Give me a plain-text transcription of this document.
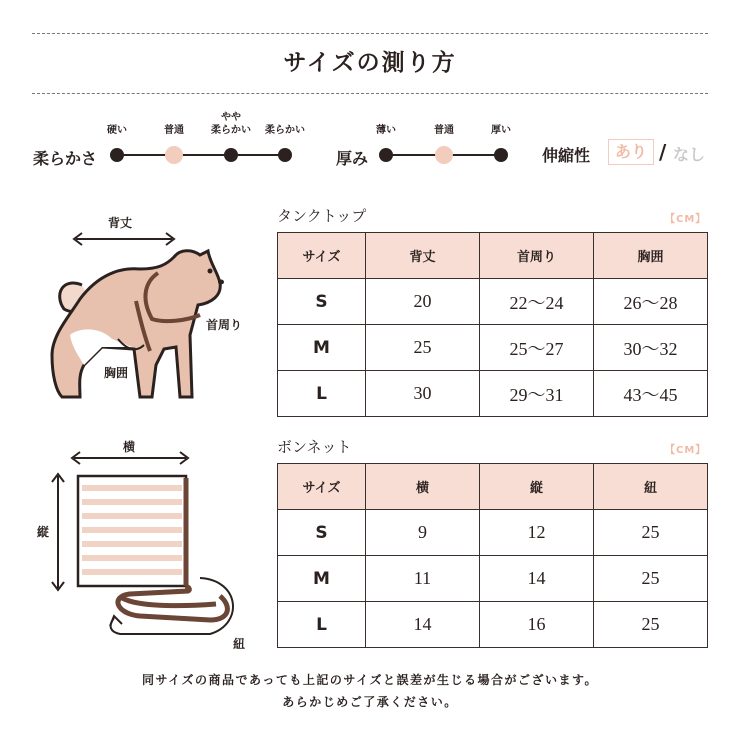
サイズの測り方
柔らかさ
硬い	普通
やや
柔らかい	柔らかい
厚み
薄い	普通	厚い
伸縮性	あり / なし
背丈
首周り
胸囲
タンクトップ	【CM】
サイズ	背丈	首周り	胸囲
S	20	22～24	26～28
M	25	25～27	30～32
L	30	29～31	43～45
横
縦
紐
ボンネット	【CM】
サイズ	横	縦	紐
S	9	12	25
M	11	14	25
L	14	16	25
同サイズの商品であっても上記のサイズと誤差が生じる場合がございます。
あらかじめご了承ください。
